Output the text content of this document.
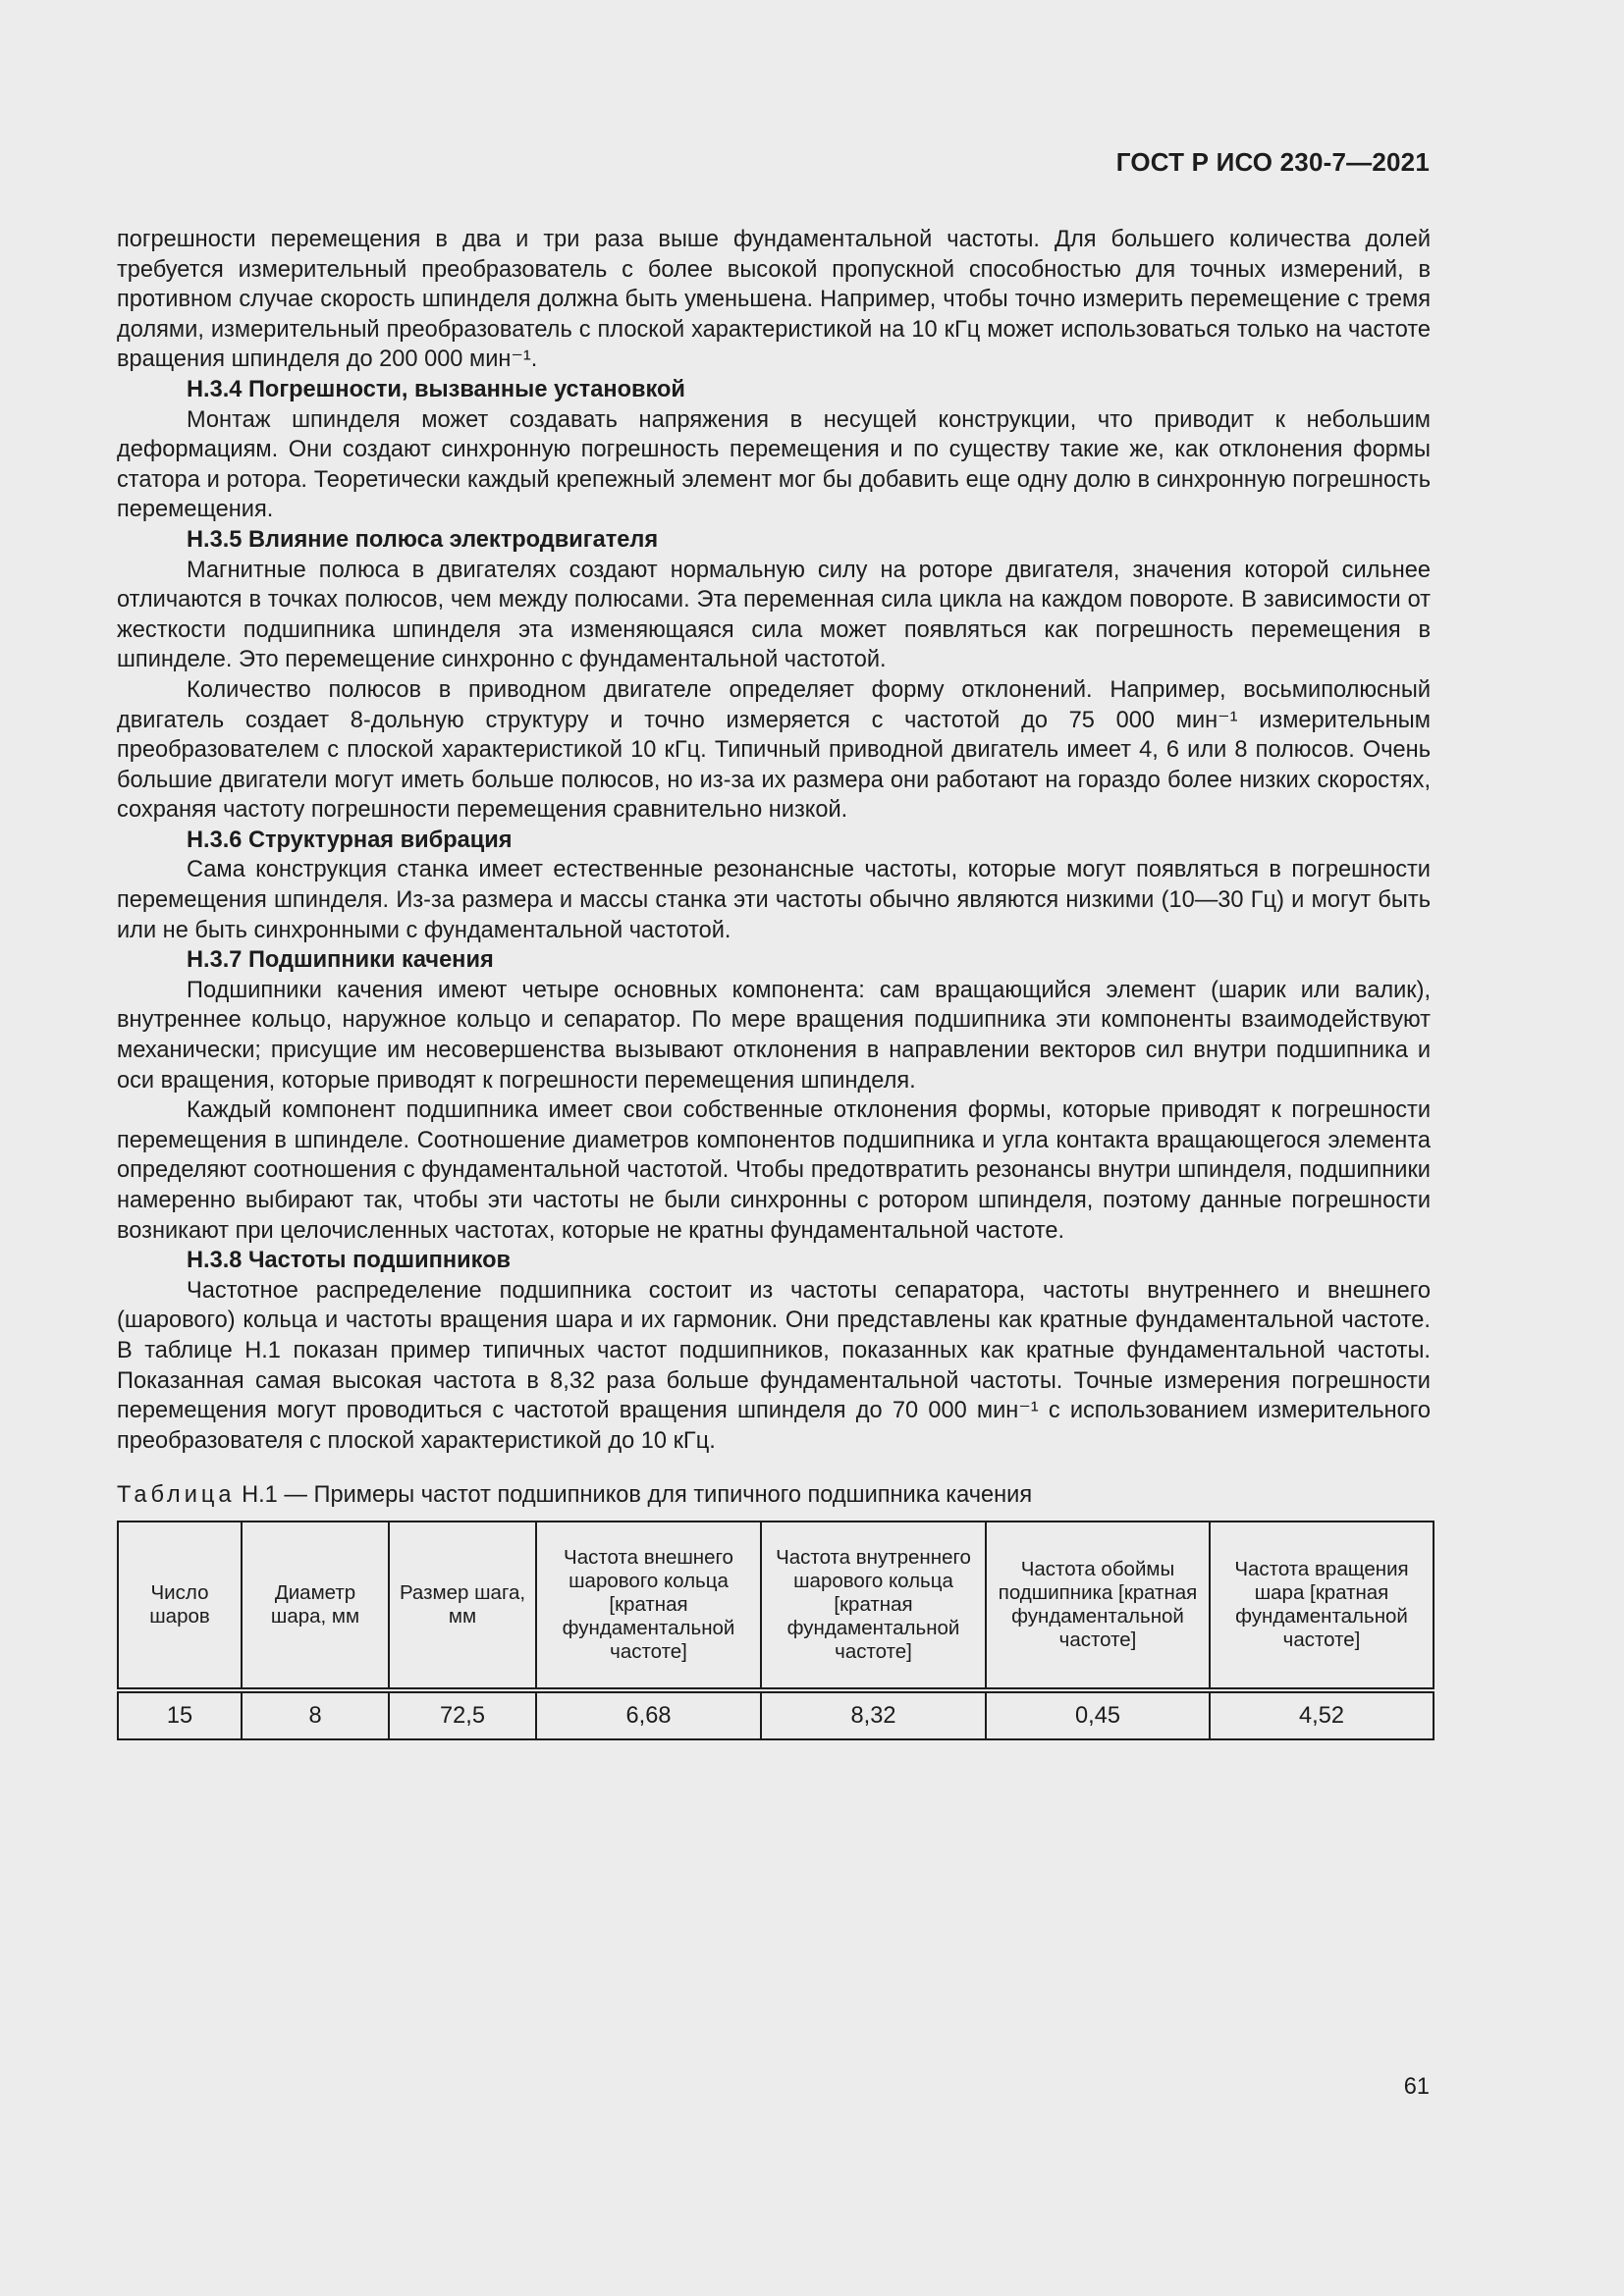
ГОСТ Р ИСО 230-7—2021

погрешности перемещения в два и три раза выше фундаментальной частоты. Для большего количества долей требуется измерительный преобразователь с более высокой пропускной способностью для точных измерений, в противном случае скорость шпинделя должна быть уменьшена. Например, чтобы точно измерить перемещение с тремя долями, измерительный преобразователь с плоской характеристикой на 10 кГц может использоваться только на частоте вращения шпинделя до 200 000 мин⁻¹.

H.3.4 Погрешности, вызванные установкой

Монтаж шпинделя может создавать напряжения в несущей конструкции, что приводит к небольшим деформациям. Они создают синхронную погрешность перемещения и по существу такие же, как отклонения формы статора и ротора. Теоретически каждый крепежный элемент мог бы добавить еще одну долю в синхронную погрешность перемещения.

H.3.5 Влияние полюса электродвигателя

Магнитные полюса в двигателях создают нормальную силу на роторе двигателя, значения которой сильнее отличаются в точках полюсов, чем между полюсами. Эта переменная сила цикла на каждом повороте. В зависимости от жесткости подшипника шпинделя эта изменяющаяся сила может появляться как погрешность перемещения в шпинделе. Это перемещение синхронно с фундаментальной частотой.

Количество полюсов в приводном двигателе определяет форму отклонений. Например, восьмиполюсный двигатель создает 8-дольную структуру и точно измеряется с частотой до 75 000 мин⁻¹ измерительным преобразователем с плоской характеристикой 10 кГц. Типичный приводной двигатель имеет 4, 6 или 8 полюсов. Очень большие двигатели могут иметь больше полюсов, но из-за их размера они работают на гораздо более низких скоростях, сохраняя частоту погрешности перемещения сравнительно низкой.

H.3.6 Структурная вибрация

Сама конструкция станка имеет естественные резонансные частоты, которые могут появляться в погрешности перемещения шпинделя. Из-за размера и массы станка эти частоты обычно являются низкими (10—30 Гц) и могут быть или не быть синхронными с фундаментальной частотой.

H.3.7 Подшипники качения

Подшипники качения имеют четыре основных компонента: сам вращающийся элемент (шарик или валик), внутреннее кольцо, наружное кольцо и сепаратор. По мере вращения подшипника эти компоненты взаимодействуют механически; присущие им несовершенства вызывают отклонения в направлении векторов сил внутри подшипника и оси вращения, которые приводят к погрешности перемещения шпинделя.

Каждый компонент подшипника имеет свои собственные отклонения формы, которые приводят к погрешности перемещения в шпинделе. Соотношение диаметров компонентов подшипника и угла контакта вращающегося элемента определяют соотношения с фундаментальной частотой. Чтобы предотвратить резонансы внутри шпинделя, подшипники намеренно выбирают так, чтобы эти частоты не были синхронны с ротором шпинделя, поэтому данные погрешности возникают при целочисленных частотах, которые не кратны фундаментальной частоте.

H.3.8 Частоты подшипников

Частотное распределение подшипника состоит из частоты сепаратора, частоты внутреннего и внешнего (шарового) кольца и частоты вращения шара и их гармоник. Они представлены как кратные фундаментальной частоте. В таблице H.1 показан пример типичных частот подшипников, показанных как кратные фундаментальной частоты. Показанная самая высокая частота в 8,32 раза больше фундаментальной частоты. Точные измерения погрешности перемещения могут проводиться с частотой вращения шпинделя до 70 000 мин⁻¹ с использованием измерительного преобразователя с плоской характеристикой до 10 кГц.

Таблица H.1 — Примеры частот подшипников для типичного подшипника качения
Число шаров	Диаметр шара, мм	Размер шага, мм	Частота внешнего шарового кольца [кратная фундаментальной частоте]	Частота внутреннего шарового кольца [кратная фундаментальной частоте]	Частота обоймы подшипника [кратная фундаментальной частоте]	Частота вращения шара [кратная фундаментальной частоте]
15	8	72,5	6,68	8,32	0,45	4,52
61
